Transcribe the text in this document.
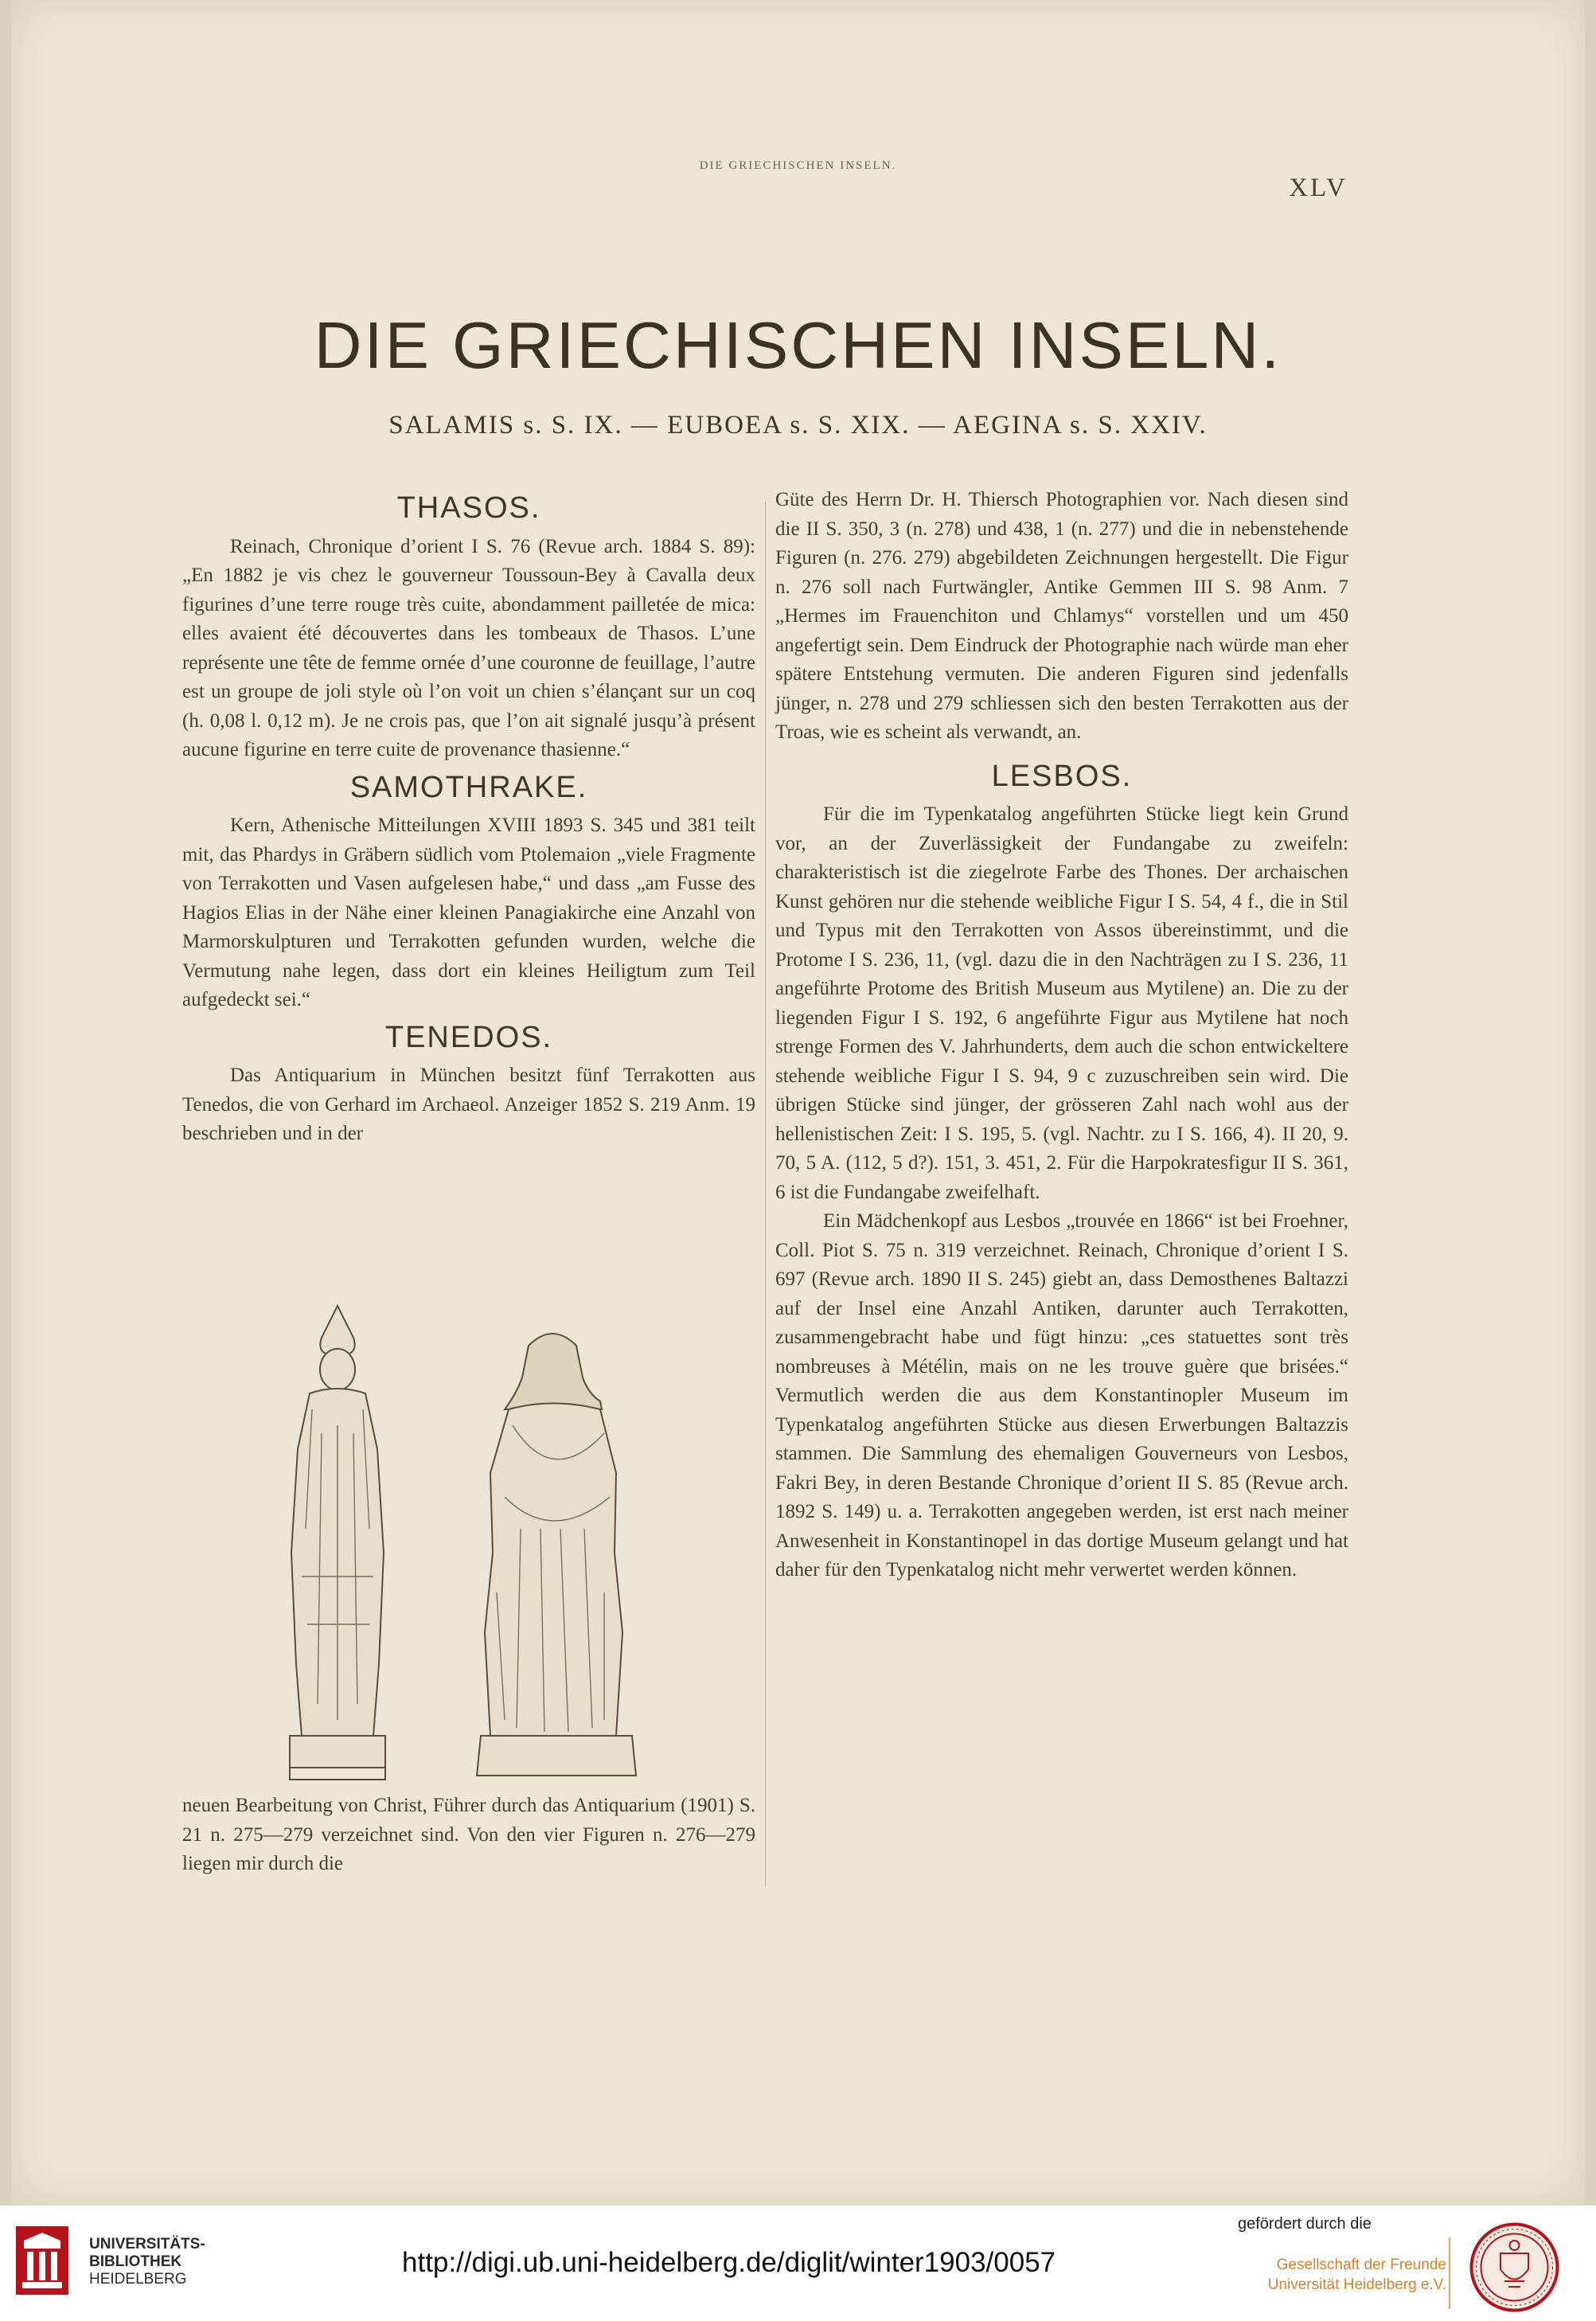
DIE GRIECHISCHEN INSELN.
XLV
DIE GRIECHISCHEN INSELN.
SALAMIS s. S. IX. — EUBOEA s. S. XIX. — AEGINA s. S. XXIV.
THASOS.

Reinach, Chronique d’orient I S. 76 (Revue arch. 1884 S. 89): „En 1882 je vis chez le gouverneur Toussoun-Bey à Cavalla deux figurines d’une terre rouge très cuite, abondamment pailletée de mica: elles avaient été découvertes dans les tombeaux de Thasos. L’une représente une tête de femme ornée d’une couronne de feuillage, l’autre est un groupe de joli style où l’on voit un chien s’élançant sur un coq (h. 0,08 l. 0,12 m). Je ne crois pas, que l’on ait signalé jusqu’à présent aucune figurine en terre cuite de provenance thasienne.“

SAMOTHRAKE.

Kern, Athenische Mitteilungen XVIII 1893 S. 345 und 381 teilt mit, das Phardys in Gräbern südlich vom Ptolemaion „viele Fragmente von Terrakotten und Vasen aufgelesen habe,“ und dass „am Fusse des Hagios Elias in der Nähe einer kleinen Panagiakirche eine Anzahl von Marmorskulpturen und Terrakotten gefunden wurden, welche die Vermutung nahe legen, dass dort ein kleines Heiligtum zum Teil aufgedeckt sei.“

TENEDOS.

Das Antiquarium in München besitzt fünf Terrakotten aus Tenedos, die von Gerhard im Archaeol. Anzeiger 1852 S. 219 Anm. 19 beschrieben und in der

neuen Bearbeitung von Christ, Führer durch das Antiquarium (1901) S. 21 n. 275—279 verzeichnet sind. Von den vier Figuren n. 276—279 liegen mir durch die

Güte des Herrn Dr. H. Thiersch Photographien vor. Nach diesen sind die II S. 350, 3 (n. 278) und 438, 1 (n. 277) und die in nebenstehende Figuren (n. 276. 279) abgebildeten Zeichnungen hergestellt. Die Figur n. 276 soll nach Furtwängler, Antike Gemmen III S. 98 Anm. 7 „Hermes im Frauenchiton und Chlamys“ vorstellen und um 450 angefertigt sein. Dem Eindruck der Photographie nach würde man eher spätere Entstehung vermuten. Die anderen Figuren sind jedenfalls jünger, n. 278 und 279 schliessen sich den besten Terrakotten aus der Troas, wie es scheint als verwandt, an.

LESBOS.

Für die im Typenkatalog angeführten Stücke liegt kein Grund vor, an der Zuverlässigkeit der Fundangabe zu zweifeln: charakteristisch ist die ziegelrote Farbe des Thones. Der archaischen Kunst gehören nur die stehende weibliche Figur I S. 54, 4 f., die in Stil und Typus mit den Terrakotten von Assos übereinstimmt, und die Protome I S. 236, 11, (vgl. dazu die in den Nachträgen zu I S. 236, 11 angeführte Protome des British Museum aus Mytilene) an. Die zu der liegenden Figur I S. 192, 6 angeführte Figur aus Mytilene hat noch strenge Formen des V. Jahrhunderts, dem auch die schon entwickeltere stehende weibliche Figur I S. 94, 9 c zuzuschreiben sein wird. Die übrigen Stücke sind jünger, der grösseren Zahl nach wohl aus der hellenistischen Zeit: I S. 195, 5. (vgl. Nachtr. zu I S. 166, 4). II 20, 9. 70, 5 A. (112, 5 d?). 151, 3. 451, 2. Für die Harpokratesfigur II S. 361, 6 ist die Fundangabe zweifelhaft.

Ein Mädchenkopf aus Lesbos „trouvée en 1866“ ist bei Froehner, Coll. Piot S. 75 n. 319 verzeichnet. Reinach, Chronique d’orient I S. 697 (Revue arch. 1890 II S. 245) giebt an, dass Demosthenes Baltazzi auf der Insel eine Anzahl Antiken, darunter auch Terrakotten, zusammengebracht habe und fügt hinzu: „ces statuettes sont très nombreuses à Métélin, mais on ne les trouve guère que brisées.“ Vermutlich werden die aus dem Konstantinopler Museum im Typenkatalog angeführten Stücke aus diesen Erwerbungen Baltazzis stammen. Die Sammlung des ehemaligen Gouverneurs von Lesbos, Fakri Bey, in deren Bestande Chronique d’orient II S. 85 (Revue arch. 1892 S. 149) u. a. Terrakotten angegeben werden, ist erst nach meiner Anwesenheit in Konstantinopel in das dortige Museum gelangt und hat daher für den Typenkatalog nicht mehr verwertet werden können.

UNIVERSITÄTS-
BIBLIOTHEK
HEIDELBERG
http://digi.ub.uni-heidelberg.de/diglit/winter1903/0057
gefördert durch die
Gesellschaft der Freunde
Universität Heidelberg e.V.
